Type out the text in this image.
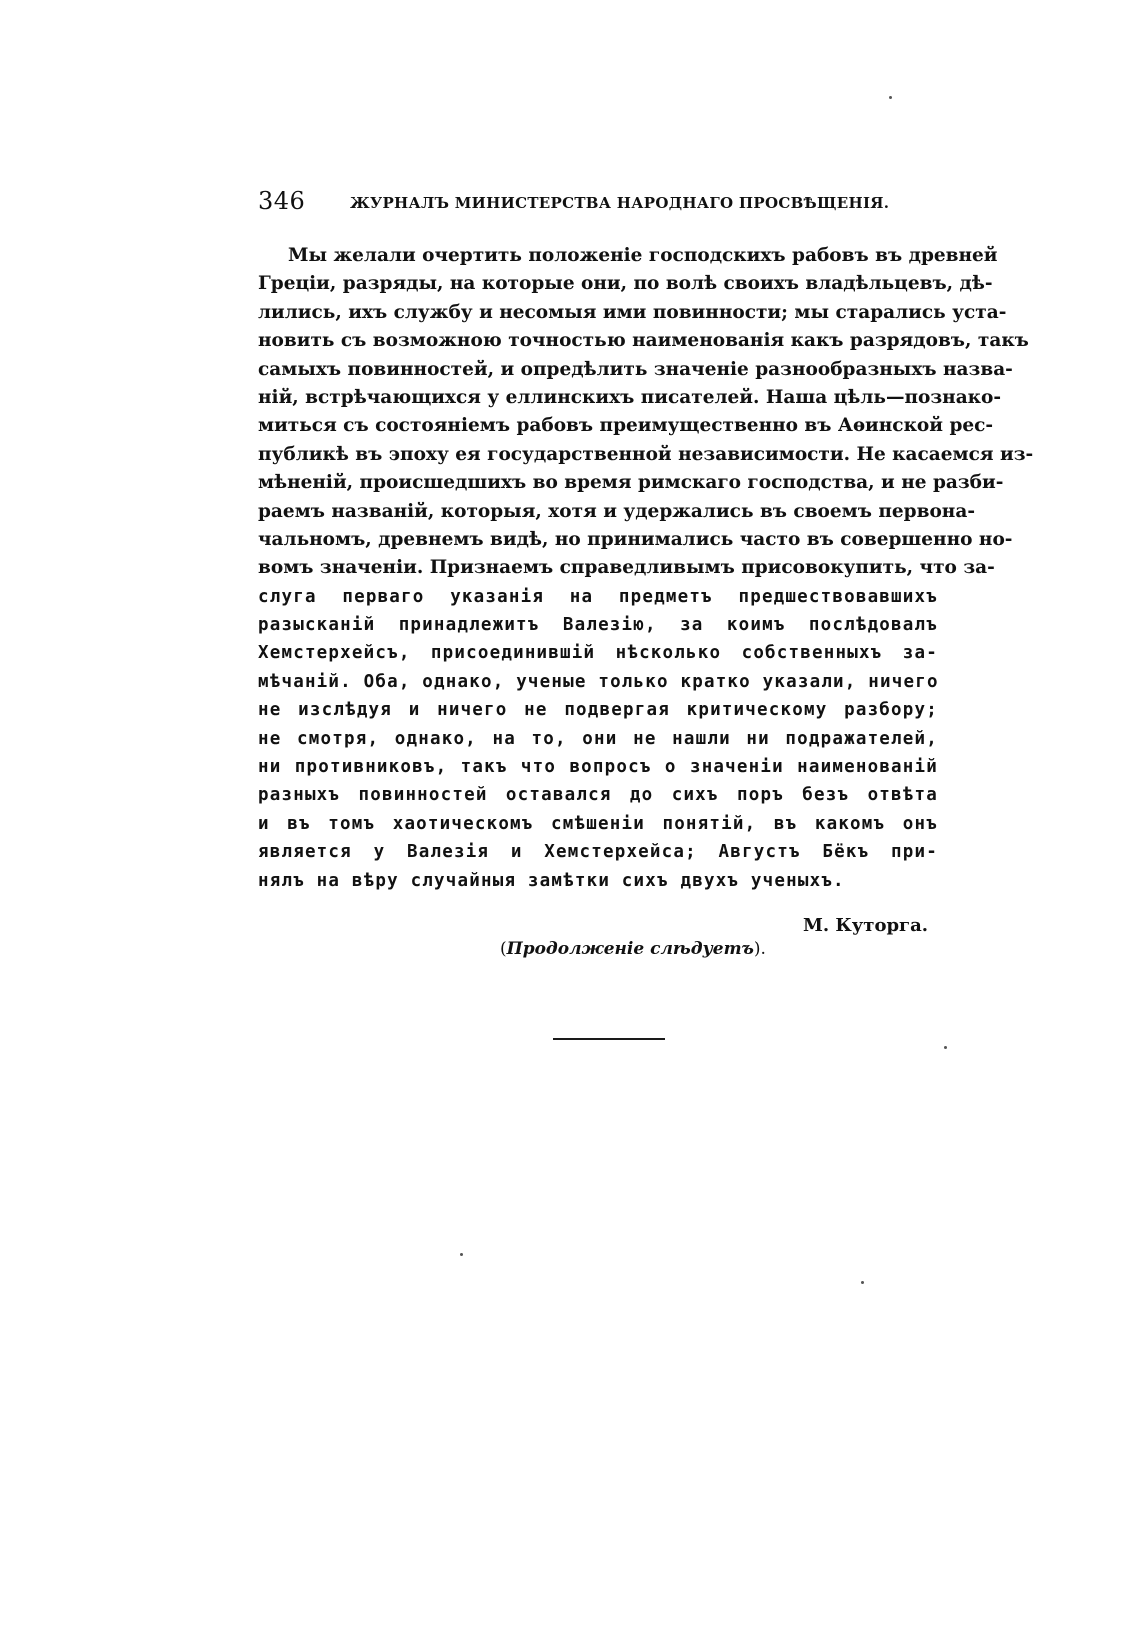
346	ЖУРНАЛЪ МИНИСТЕРСТВА НАРОДНАГО ПРОСВѢЩЕНІЯ.
Мы желали очертить положеніе господскихъ рабовъ въ древней
Греціи, разряды, на которые они, по волѣ своихъ владѣльцевъ, дѣ-
лились, ихъ службу и несомыя ими повинности; мы старались уста-
новить съ возможною точностью наименованія какъ разрядовъ, такъ
самыхъ повинностей, и опредѣлить значеніе разнообразныхъ назва-
ній, встрѣчающихся у еллинскихъ писателей. Наша цѣль—познако-
миться съ состояніемъ рабовъ преимущественно въ Аѳинской рес-
публикѣ въ эпоху ея государственной независимости. Не касаемся из-
мѣненій, происшедшихъ во время римскаго господства, и не разби-
раемъ названій, которыя, хотя и удержались въ своемъ первона-
чальномъ, древнемъ видѣ, но принимались часто въ совершенно но-
вомъ значеніи. Признаемъ справедливымъ присовокупить, что за-
слуга перваго указанія на предметъ предшествовавшихъ
разысканій принадлежитъ Валезію, за коимъ послѣдовалъ
Хемстерхейсъ, присоединившій нѣсколько собственныхъ за-
мѣчаній. Оба, однако, ученые только кратко указали, ничего
не изслѣдуя и ничего не подвергая критическому разбору;
не смотря, однако, на то, они не нашли ни подражателей,
ни противниковъ, такъ что вопросъ о значеніи наименованій
разныхъ повинностей оставался до сихъ поръ безъ отвѣта
и въ томъ хаотическомъ смѣшеніи понятій, въ какомъ онъ
является у Валезія и Хемстерхейса; Августъ Бёкъ при-
нялъ на вѣру случайныя замѣтки сихъ двухъ ученыхъ.
М. Куторга.
(Продолженіе слѣдуетъ).
